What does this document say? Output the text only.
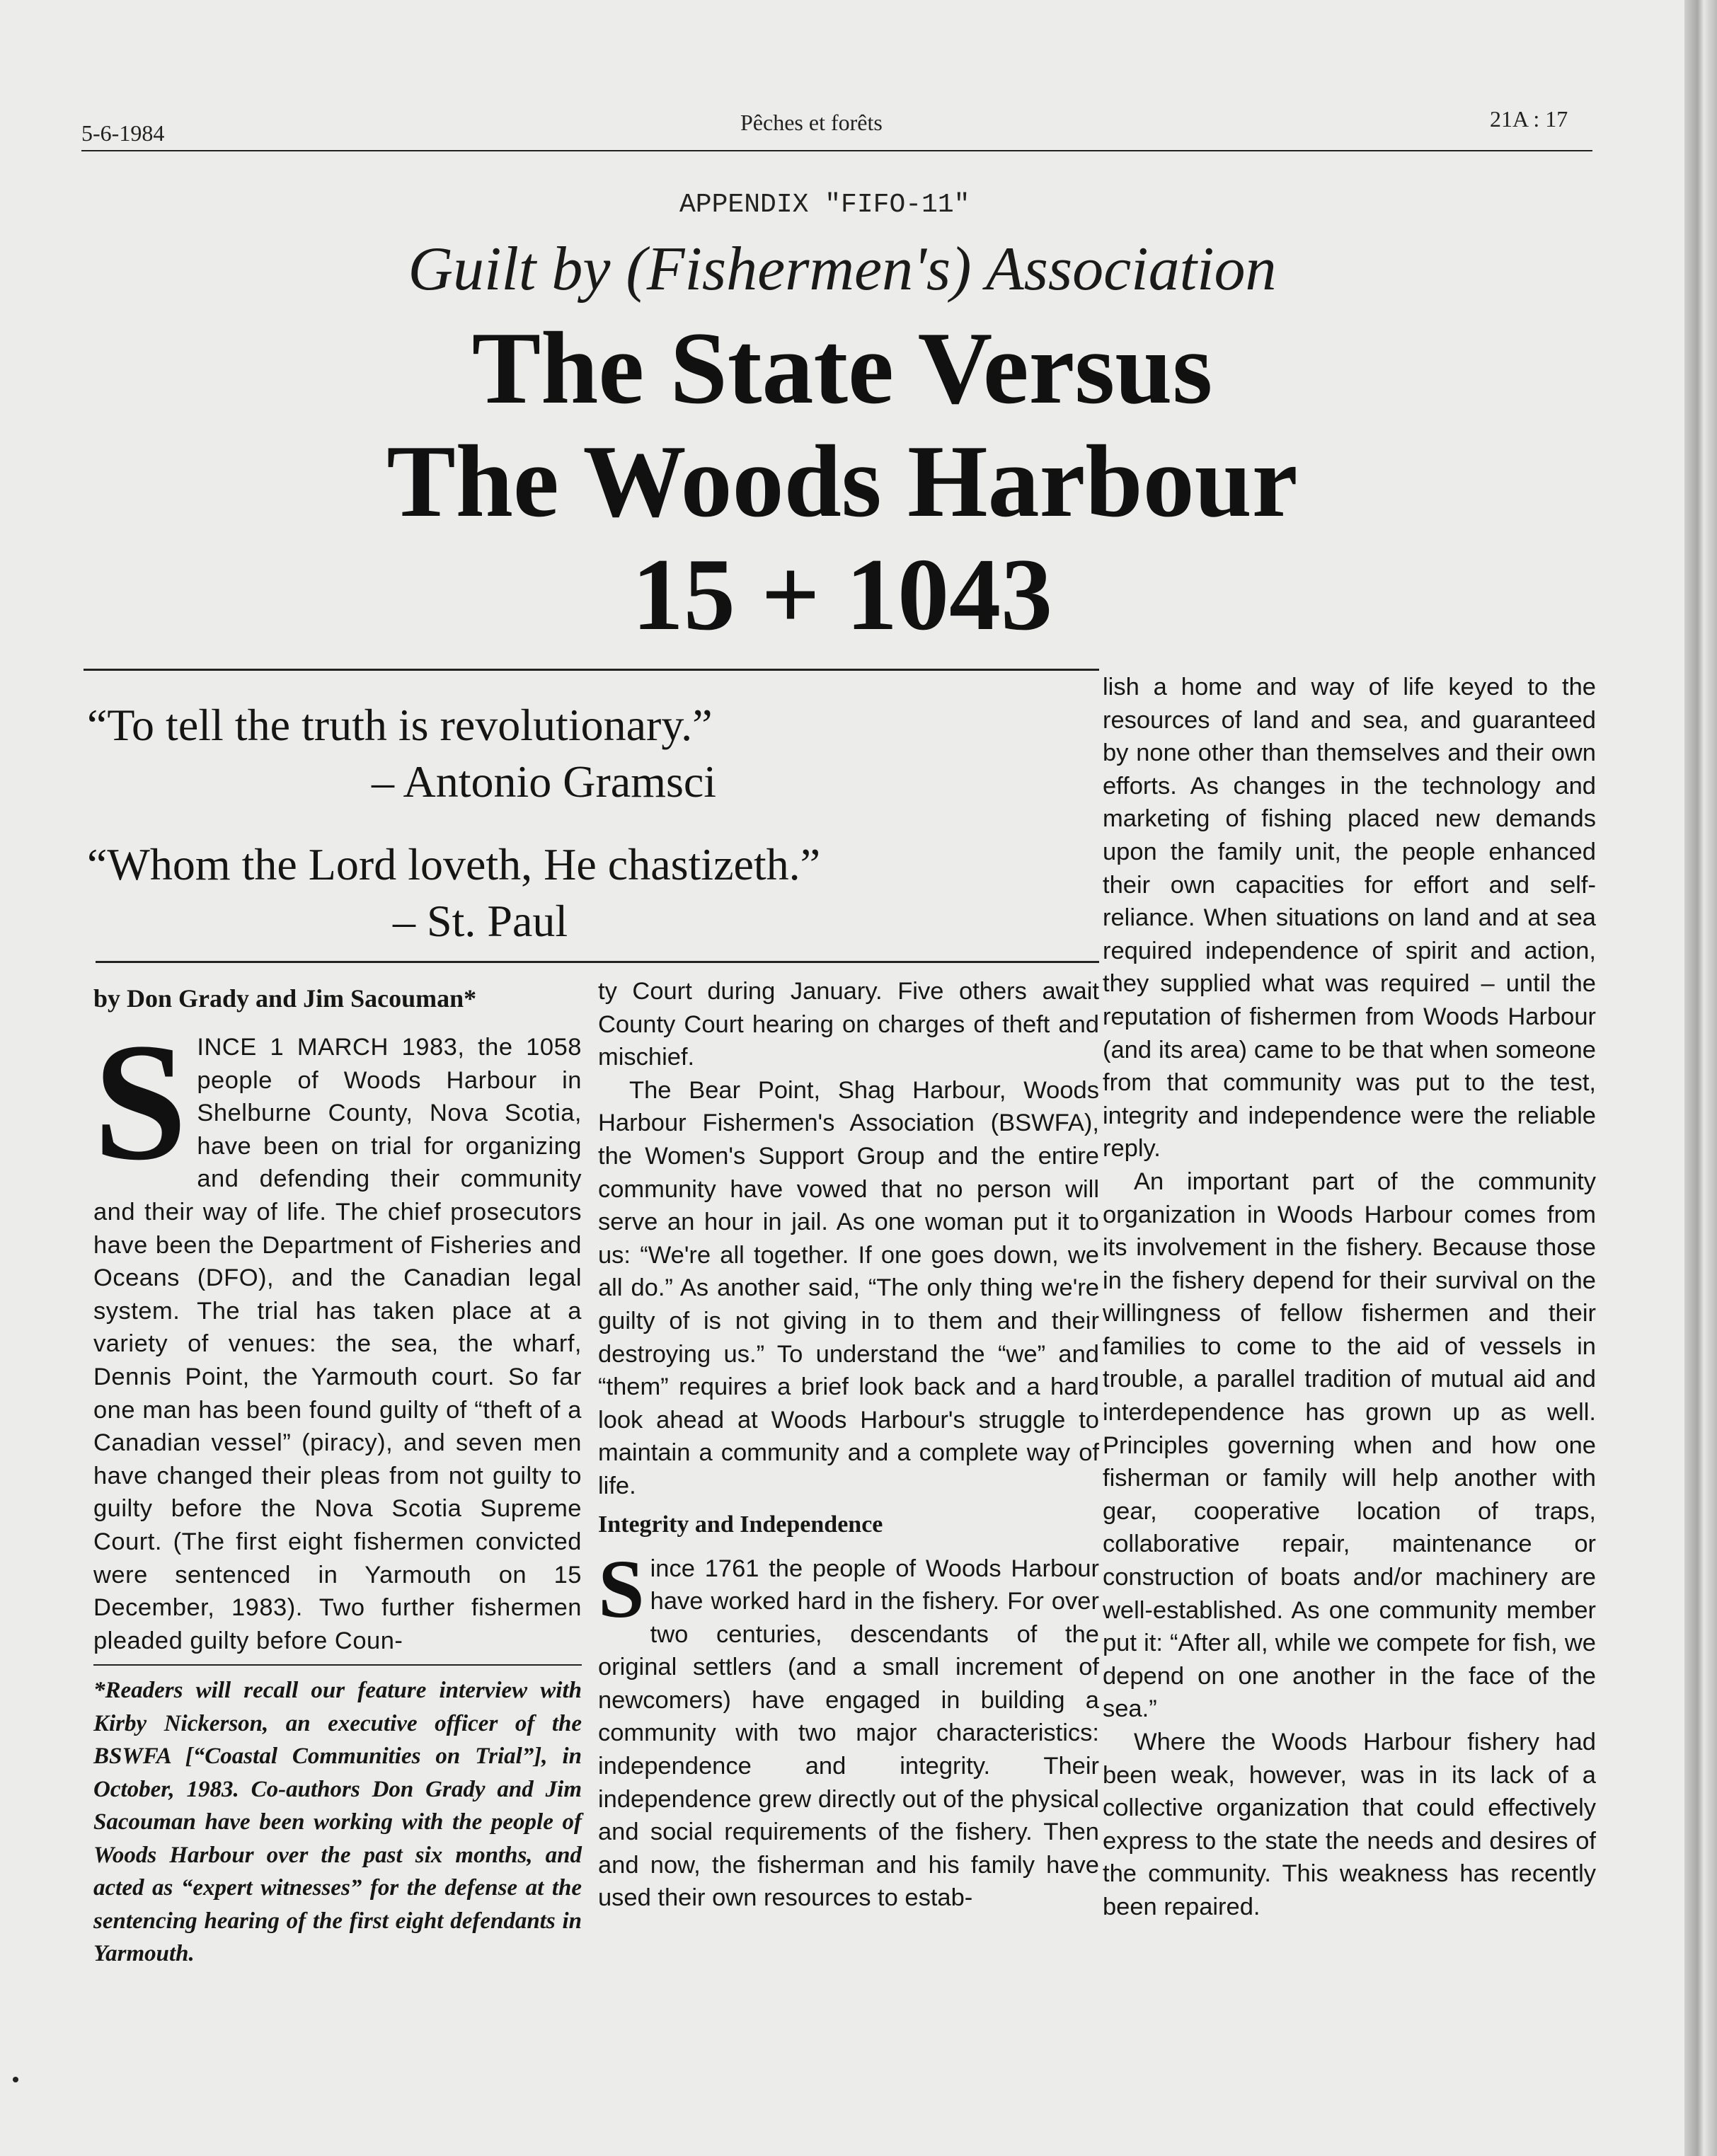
5-6-1984	Pêches et forêts	21A : 17
APPENDIX "FIFO-11"
Guilt by (Fishermen's) Association
The State Versus
The Woods Harbour
15 + 1043
“To tell the truth is revolutionary.”
– Antonio Gramsci
“Whom the Lord loveth, He chastizeth.”
– St. Paul

by Don Grady and Jim Sacouman*

SINCE 1 MARCH 1983, the 1058 people of Woods Harbour in Shelburne County, Nova Scotia, have been on trial for organizing and defending their community and their way of life. The chief prosecutors have been the Department of Fisheries and Oceans (DFO), and the Canadian legal system. The trial has taken place at a variety of venues: the sea, the wharf, Dennis Point, the Yarmouth court. So far one man has been found guilty of “theft of a Canadian vessel” (piracy), and seven men have changed their pleas from not guilty to guilty before the Nova Scotia Supreme Court. (The first eight fishermen convicted were sentenced in Yarmouth on 15 December, 1983). Two further fishermen pleaded guilty before Coun-

*Readers will recall our feature interview with Kirby Nickerson, an executive officer of the BSWFA [“Coastal Communities on Trial”], in October, 1983. Co-authors Don Grady and Jim Sacouman have been working with the people of Woods Harbour over the past six months, and acted as “expert witnesses” for the defense at the sentencing hearing of the first eight defendants in Yarmouth.

ty Court during January. Five others await County Court hearing on charges of theft and mischief.

The Bear Point, Shag Harbour, Woods Harbour Fishermen's Association (BSWFA), the Women's Support Group and the entire community have vowed that no person will serve an hour in jail. As one woman put it to us: “We're all together. If one goes down, we all do.” As another said, “The only thing we're guilty of is not giving in to them and their destroying us.” To understand the “we” and “them” requires a brief look back and a hard look ahead at Woods Harbour's struggle to maintain a community and a complete way of life.

Integrity and Independence

Since 1761 the people of Woods Harbour have worked hard in the fishery. For over two centuries, descendants of the original settlers (and a small increment of newcomers) have engaged in building a community with two major characteristics: independence and integrity. Their independence grew directly out of the physical and social requirements of the fishery. Then and now, the fisherman and his family have used their own resources to estab-

lish a home and way of life keyed to the resources of land and sea, and guaranteed by none other than themselves and their own efforts. As changes in the technology and marketing of fishing placed new demands upon the family unit, the people enhanced their own capacities for effort and self-reliance. When situations on land and at sea required independence of spirit and action, they supplied what was required – until the reputation of fishermen from Woods Harbour (and its area) came to be that when someone from that community was put to the test, integrity and independence were the reliable reply.

An important part of the community organization in Woods Harbour comes from its involvement in the fishery. Because those in the fishery depend for their survival on the willingness of fellow fishermen and their families to come to the aid of vessels in trouble, a parallel tradition of mutual aid and interdependence has grown up as well. Principles governing when and how one fisherman or family will help another with gear, cooperative location of traps, collaborative repair, maintenance or construction of boats and/or machinery are well-established. As one community member put it: “After all, while we compete for fish, we depend on one another in the face of the sea.”

Where the Woods Harbour fishery had been weak, however, was in its lack of a collective organization that could effectively express to the state the needs and desires of the community. This weakness has recently been repaired.
